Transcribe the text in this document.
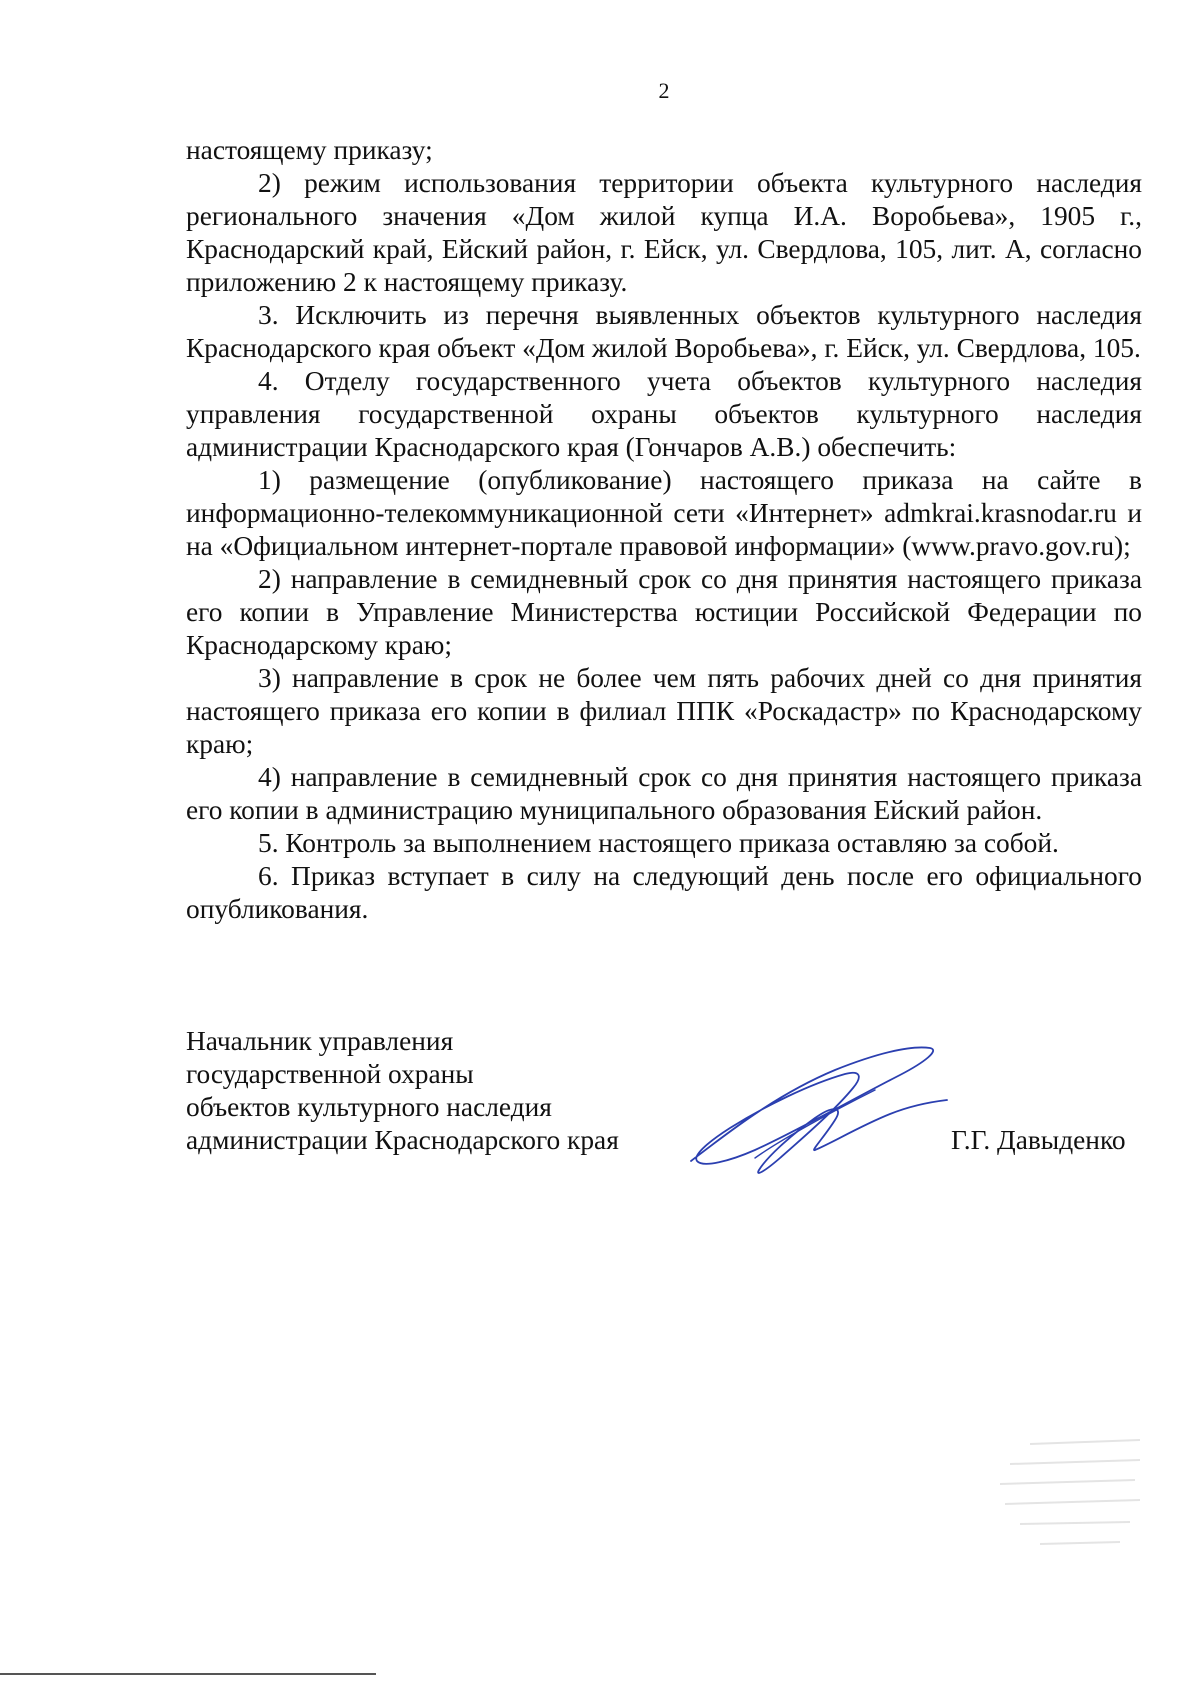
2

настоящему приказу;

2) режим использования территории объекта культурного наследия регионального значения «Дом жилой купца И.А. Воробьева», 1905 г., Краснодарский край, Ейский район, г. Ейск, ул. Свердлова, 105, лит. А, согласно приложению 2 к настоящему приказу.

3. Исключить из перечня выявленных объектов культурного наследия Краснодарского края объект «Дом жилой Воробьева», г. Ейск, ул. Свердлова, 105.

4. Отделу государственного учета объектов культурного наследия управления государственной охраны объектов культурного наследия администрации Краснодарского края (Гончаров А.В.) обеспечить:

1) размещение (опубликование) настоящего приказа на сайте в информационно-телекоммуникационной сети «Интернет» admkrai.krasnodar.ru и на «Официальном интернет-портале правовой информации» (www.pravo.gov.ru);

2) направление в семидневный срок со дня принятия настоящего приказа его копии в Управление Министерства юстиции Российской Федерации по Краснодарскому краю;

3) направление в срок не более чем пять рабочих дней со дня принятия настоящего приказа его копии в филиал ППК «Роскадастр» по Краснодарскому краю;

4) направление в семидневный срок со дня принятия настоящего приказа его копии в администрацию муниципального образования Ейский район.

5. Контроль за выполнением настоящего приказа оставляю за собой.

6. Приказ вступает в силу на следующий день после его официального опубликования.

Начальник управления
государственной охраны
объектов культурного наследия
администрации Краснодарского края	Г.Г. Давыденко
